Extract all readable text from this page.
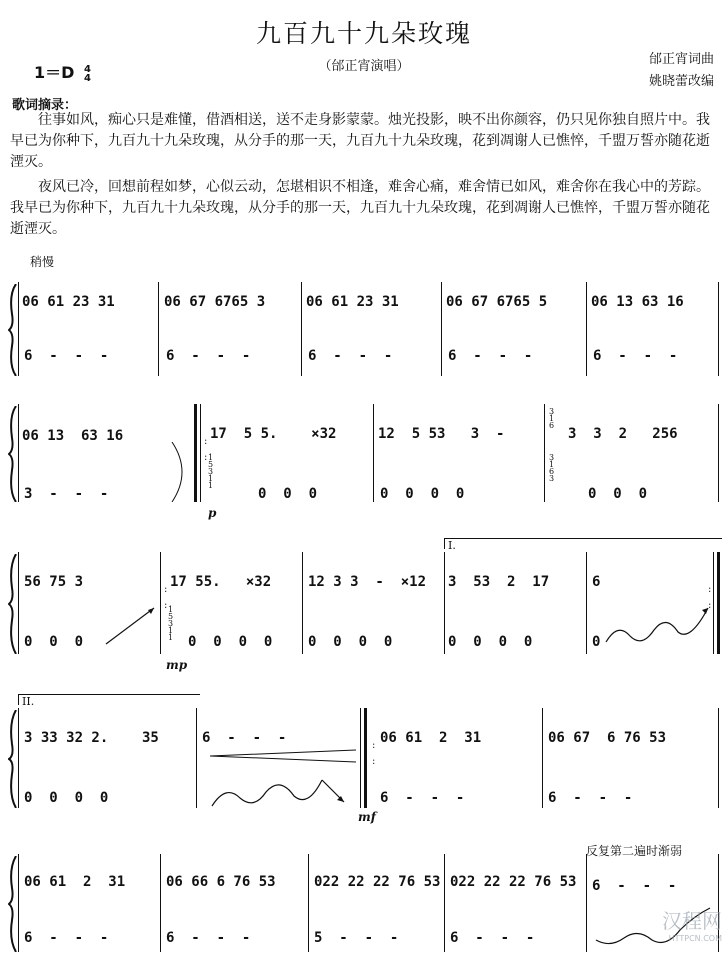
九百九十九朵玫瑰
（邰正宵演唱）	邰正宵词曲
姚晓蕾改编
1＝D 4
4
歌词摘录：
往事如风，痴心只是难懂，借酒相送，送不走身影蒙蒙。烛光投影，映不出你颜容，仍只见你独自照片中。我早已为你种下，九百九十九朵玫瑰，从分手的那一天，九百九十九朵玫瑰，花到凋谢人已憔悴，千盟万誓亦随花逝湮灭。
夜风已冷，回想前程如梦，心似云动，怎堪相识不相逢，难舍心痛，难舍情已如风，难舍你在我心中的芳踪。我早已为你种下，九百九十九朵玫瑰，从分手的那一天，九百九十九朵玫瑰，花到凋谢人已憔悴，千盟万誓亦随花逝湮灭。
稍慢
06 61 23 31
6  -  -  -
06 67 6765 3
6  -  -  -
06 61 23 31
6  -  -  -
06 67 6765 5
6  -  -  -
06 13 63 16
6  -  -  -
06 13  63 16
3  -  -  -
:

:
17  5 5.    ×32
1
5
3
1
1
0  0  0
p
12  5 53   3  -
0  0  0  0
3
1
6
3  3  2   256
3
1
6
3
0  0  0
56 75 3
0  0  0
:

:
17 55.   ×32
1
5
3
1
1 0  0  0  0
mp
12 3 3  -  ×12
0  0  0  0
I.
3  53  2  17
0  0  0  0
6
0
:

:
II.
3 33 32 2.    35
0  0  0  0
6  -  -  -	:

:
06 61  2  31
6  -  -  -
mf
06 67  6 76 53
6  -  -  -
06 61  2  31
6  -  -  -
06 66 6 76 53
6  -  -  -
022 22 22 76 53
5  -  -  -
022 22 22 76 53
6  -  -  -
反复第二遍时渐弱
6  -  -  -
汉程网
HTTPCN.COM
